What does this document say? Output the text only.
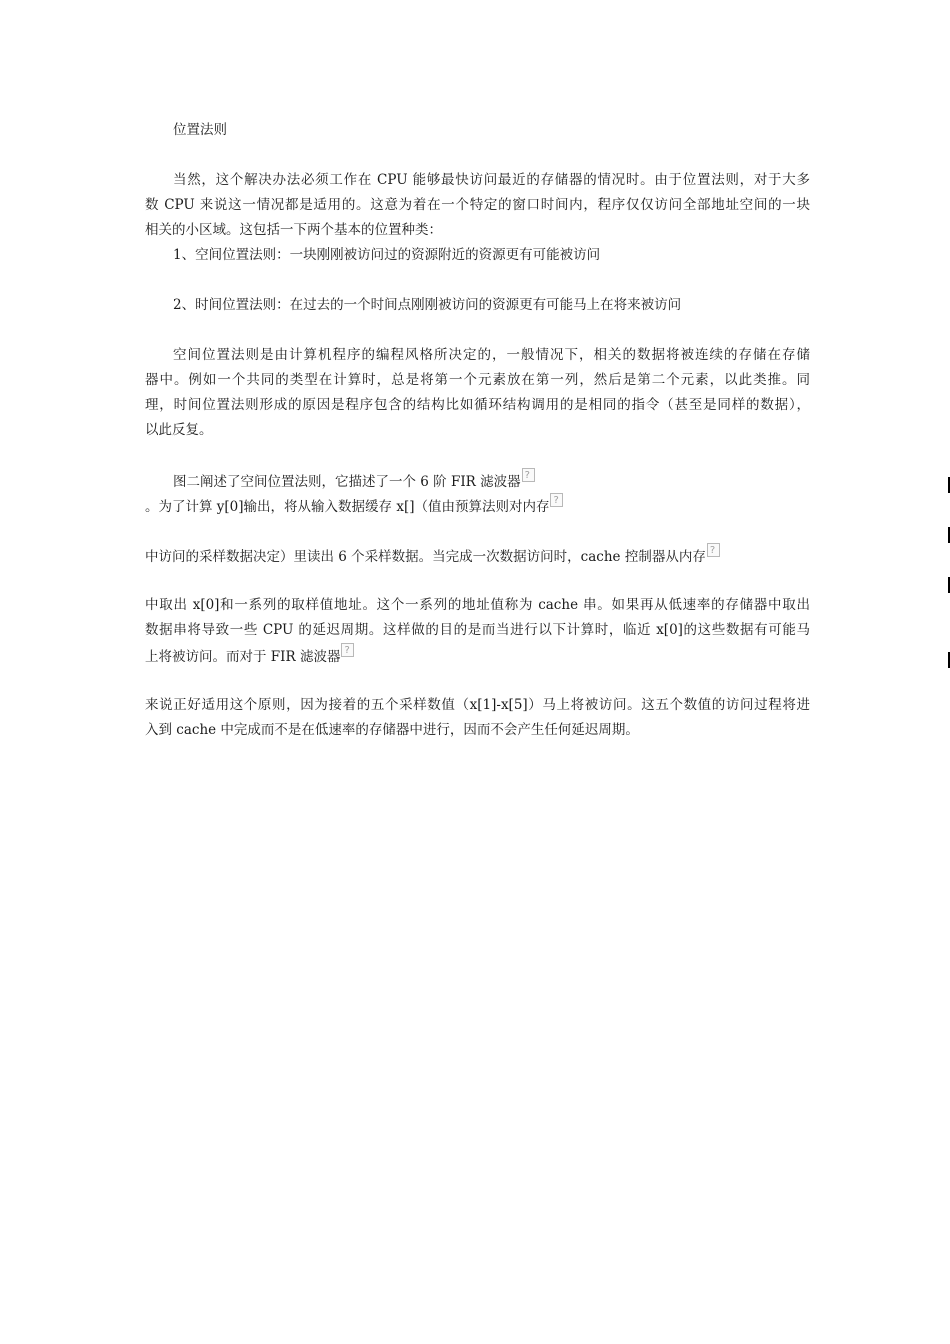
位置法则
当然，这个解决办法必须工作在 CPU 能够最快访问最近的存储器的情况时。由于位置法则，对于大多
数 CPU 来说这一情况都是适用的。这意为着在一个特定的窗口时间内，程序仅仅访问全部地址空间的一块
相关的小区域。这包括一下两个基本的位置种类：
1、空间位置法则：一块刚刚被访问过的资源附近的资源更有可能被访问
2、时间位置法则：在过去的一个时间点刚刚被访问的资源更有可能马上在将来被访问
空间位置法则是由计算机程序的编程风格所决定的，一般情况下，相关的数据将被连续的存储在存储
器中。例如一个共同的类型在计算时，总是将第一个元素放在第一列，然后是第二个元素，以此类推。同
理，时间位置法则形成的原因是程序包含的结构比如循环结构调用的是相同的指令（甚至是同样的数据），
以此反复。
图二阐述了空间位置法则，它描述了一个 6 阶 FIR 滤波器?
。为了计算 y[0]输出，将从输入数据缓存 x[]（值由预算法则对内存?
中访问的采样数据决定）里读出 6 个采样数据。当完成一次数据访问时，cache 控制器从内存?
中取出 x[0]和一系列的取样值地址。这个一系列的地址值称为 cache 串。如果再从低速率的存储器中取出
数据串将导致一些 CPU 的延迟周期。这样做的目的是而当进行以下计算时，临近 x[0]的这些数据有可能马
上将被访问。而对于 FIR 滤波器?
来说正好适用这个原则，因为接着的五个采样数值（x[1]-x[5]）马上将被访问。这五个数值的访问过程将进
入到 cache 中完成而不是在低速率的存储器中进行，因而不会产生任何延迟周期。
